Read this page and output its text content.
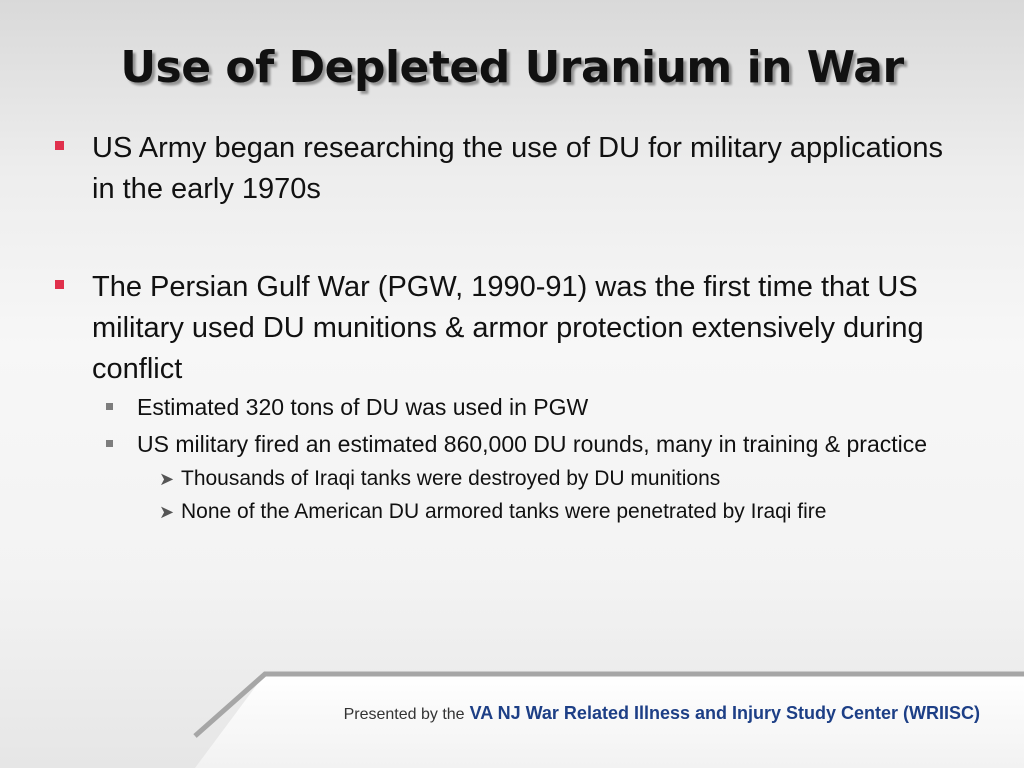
Use of Depleted Uranium in War
US Army began researching the use of DU for military applications in the early 1970s
The Persian Gulf War (PGW, 1990-91) was the first time that US military used DU munitions & armor protection extensively during conflict
Estimated 320 tons of DU was used in PGW
US military fired an estimated 860,000 DU rounds, many in training & practice
➤ Thousands of Iraqi tanks were destroyed by DU munitions
➤ None of the American DU armored tanks were penetrated by Iraqi fire
Presented by the VA NJ War Related Illness and Injury Study Center (WRIISC)
